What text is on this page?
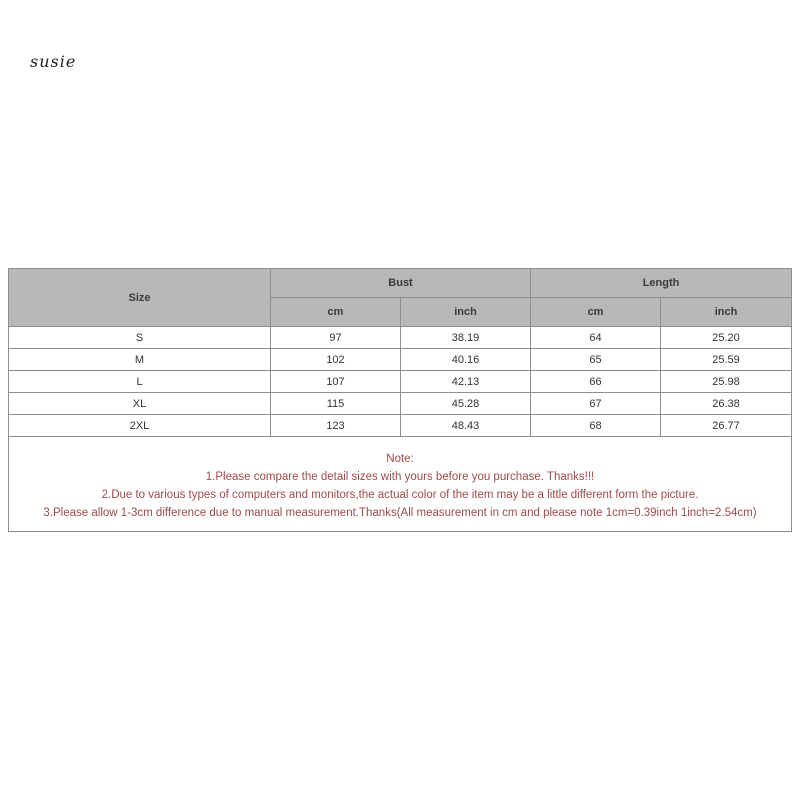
susie
Size	Bust		Length	
	cm	inch	cm	inch
S	97	38.19	64	25.20
M	102	40.16	65	25.59
L	107	42.13	66	25.98
XL	115	45.28	67	26.38
2XL	123	48.43	68	26.77

Note:
1.Please compare the detail sizes with yours before you purchase. Thanks!!!
2.Due to various types of computers and monitors,the actual color of the item may be a little different form the picture.
3.Please allow 1-3cm difference due to manual measurement.Thanks(All measurement in cm and please note 1cm=0.39inch 1inch=2.54cm)				
